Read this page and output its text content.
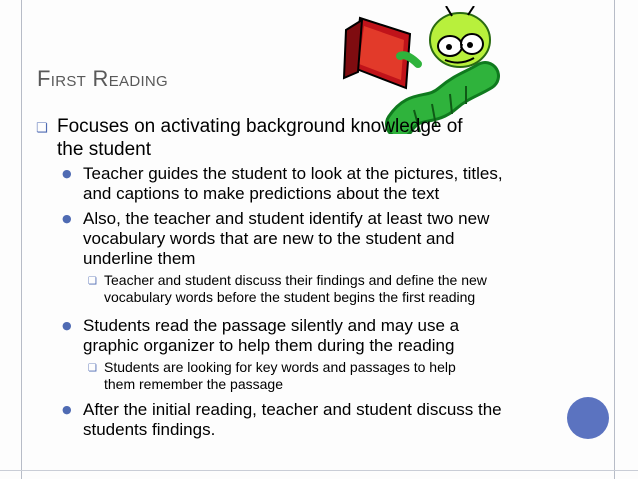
First Reading
❏ Focuses on activating background knowledge of
the student
● Teacher guides the student to look at the pictures, titles,
and captions to make predictions about the text
● Also, the teacher and student identify at least two new
vocabulary words that are new to the student and
underline them
❏ Teacher and student discuss their findings and define the new
vocabulary words before the student begins the first reading
● Students read the passage silently and may use a
graphic organizer to help them during the reading
❏ Students are looking for key words and passages to help
them remember the passage
● After the initial reading, teacher and student discuss the
students findings.
